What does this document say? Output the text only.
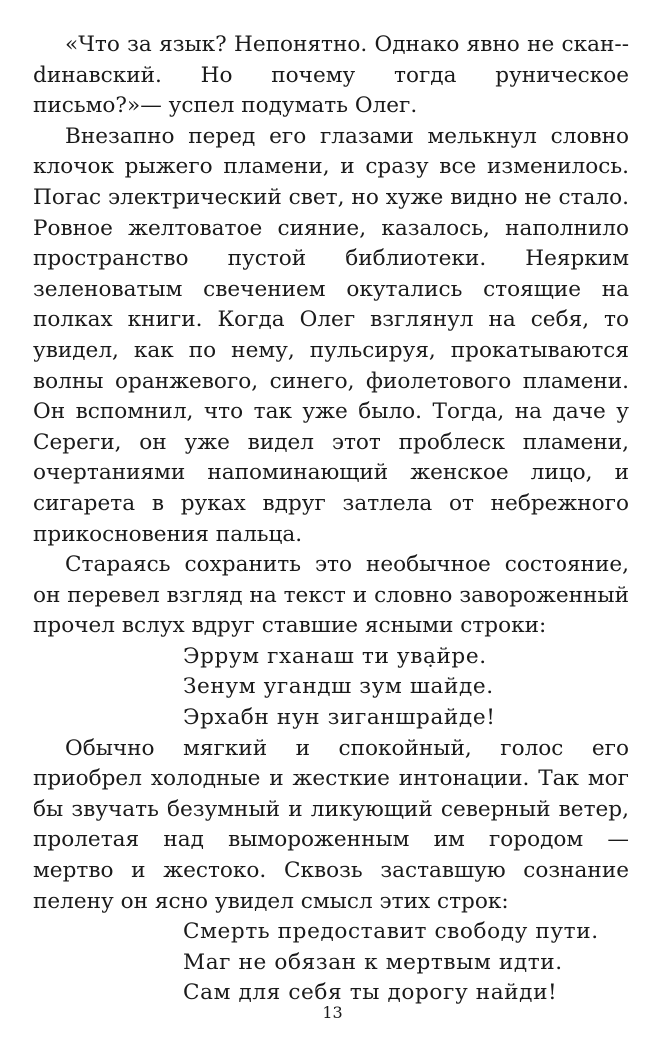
«Что за язык? Непонятно. Однако явно не скан-dинавский. Но почему тогда руническое письмо?»— успел подумать Олег.

Внезапно перед его глазами мелькнул словно клочок рыжего пламени, и сразу все изменилось. Погас электрический свет, но хуже видно не стало. Ровное желтоватое сияние, казалось, наполнило пространство пустой библиотеки. Неярким зеленоватым свечением окутались стоящие на полках книги. Когда Олег взглянул на себя, то увидел, как по нему, пульсируя, прокатываются волны оранжевого, синего, фиолетового пламени. Он вспомнил, что так уже было. Тогда, на даче у Сереги, он уже видел этот проблеск пламени, очертаниями напоминающий женское лицо, и сигарета в руках вдруг затлела от небрежного прикосновения пальца.

Стараясь сохранить это необычное состояние, он перевел взгляд на текст и словно завороженный прочел вслух вдруг ставшие ясными строки:

Эррум гханаш ти ува̣йре.
Зенум угандш зум шайде.
Эрхабн нун зиганшрайде!

Обычно мягкий и спокойный, голос его приобрел холодные и жесткие интонации. Так мог бы звучать безумный и ликующий северный ветер, пролетая над вымороженным им городом — мертво и жестоко. Сквозь заставшую сознание пелену он ясно увидел смысл этих строк:

Смерть предоставит свободу пути.
Маг не обязан к мертвым идти.
Сам для себя ты дорогу найди!
13
